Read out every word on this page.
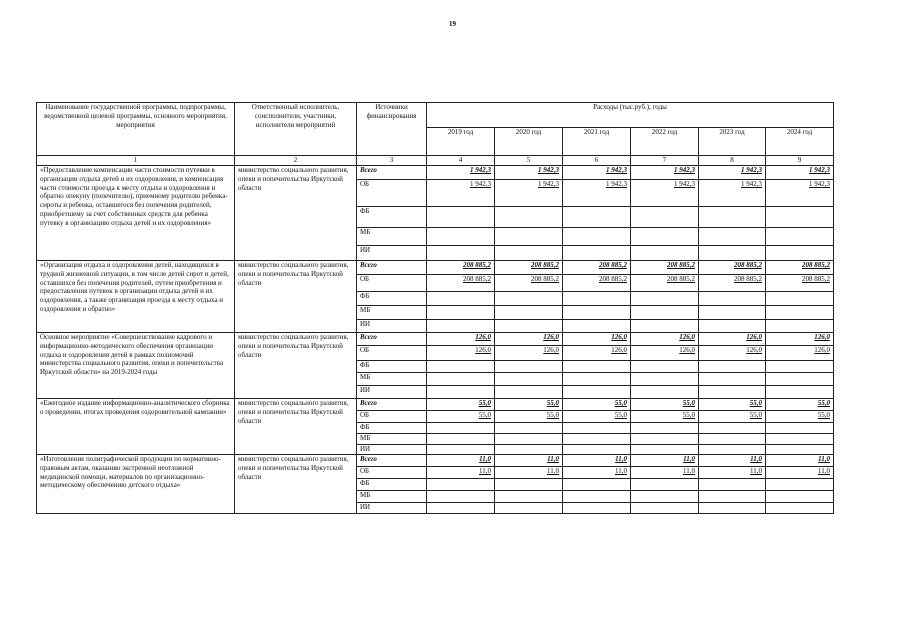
19
Наименование государственной программы, подпрограммы, ведомственной целевой программы, основного мероприятия, мероприятия	Ответственный исполнитель, соисполнители, участники, исполнители мероприятий	Источники финансирования	Расходы (тыс.руб.), годы					
			2019 год	2020 год	2021 год	2022 год	2023 год	2024 год
1	2	3	4	5	6	7	8	9
«Предоставление компенсации части стоимости путевки в организации отдыха детей и их оздоровления, и компенсация части стоимости проезда к месту отдыха и оздоровления и обратно опекуну (попечителю), приемному родителю ребенка-сироты и ребенка, оставшегося без попечения родителей, приобретшему за счет собственных средств для ребенка путевку в организацию отдыха детей и их оздоровления»	министерство социального развития, опеки и попечительства Иркутской области	Всего	1 942,3	1 942,3	1 942,3	1 942,3	1 942,3	1 942,3
		ОБ	1 942,3	1 942,3	1 942,3	1 942,3	1 942,3	1 942,3
		ФБ						
		МБ						
		ИИ						
«Организация отдыха и оздоровления детей, находящихся в трудной жизненной ситуации, в том числе детей сирот и детей, оставшихся без попечения родителей, путем приобретения и предоставления путевок в организации отдыха детей и их оздоровления, а также организация проезда к месту отдыха и оздоровления и обратно»	министерство социального развития, опеки и попечительства Иркутской области	Всего	208 885,2	208 885,2	208 885,2	208 885,2	208 885,2	208 885,2
		ОБ	208 885,2	208 885,2	208 885,2	208 885,2	208 885,2	208 885,2
		ФБ						
		МБ						
		ИИ						
Основное мероприятие «Совершенствование кадрового и информационно-методического обеспечения организации отдыха и оздоровления детей в рамках полномочий министерства социального развития, опеки и попечительства Иркутской области» на 2019-2024 годы	министерство социального развития, опеки и попечительства Иркутской области	Всего	126,0	126,0	126,0	126,0	126,0	126,0
		ОБ	126,0	126,0	126,0	126,0	126,0	126,0
		ФБ						
		МБ						
		ИИ						
«Ежегодное издание информационно-аналитического сборника о проведении, итогах проведения оздоровительной кампании»	министерство социального развития, опеки и попечительства Иркутской области	Всего	55,0	55,0	55,0	55,0	55,0	55,0
		ОБ	55,0	55,0	55,0	55,0	55,0	55,0
		ФБ						
		МБ						
		ИИ						
«Изготовление полиграфической продукции по нормативно-правовым актам, оказанию экстренной неотложной медицинской помощи, материалов по организационно-методическому обеспечению детского отдыха»	министерство социального развития, опеки и попечительства Иркутской области	Всего	11,0	11,0	11,0	11,0	11,0	11,0
		ОБ	11,0	11,0	11,0	11,0	11,0	11,0
		ФБ						
		МБ						
		ИИ						
